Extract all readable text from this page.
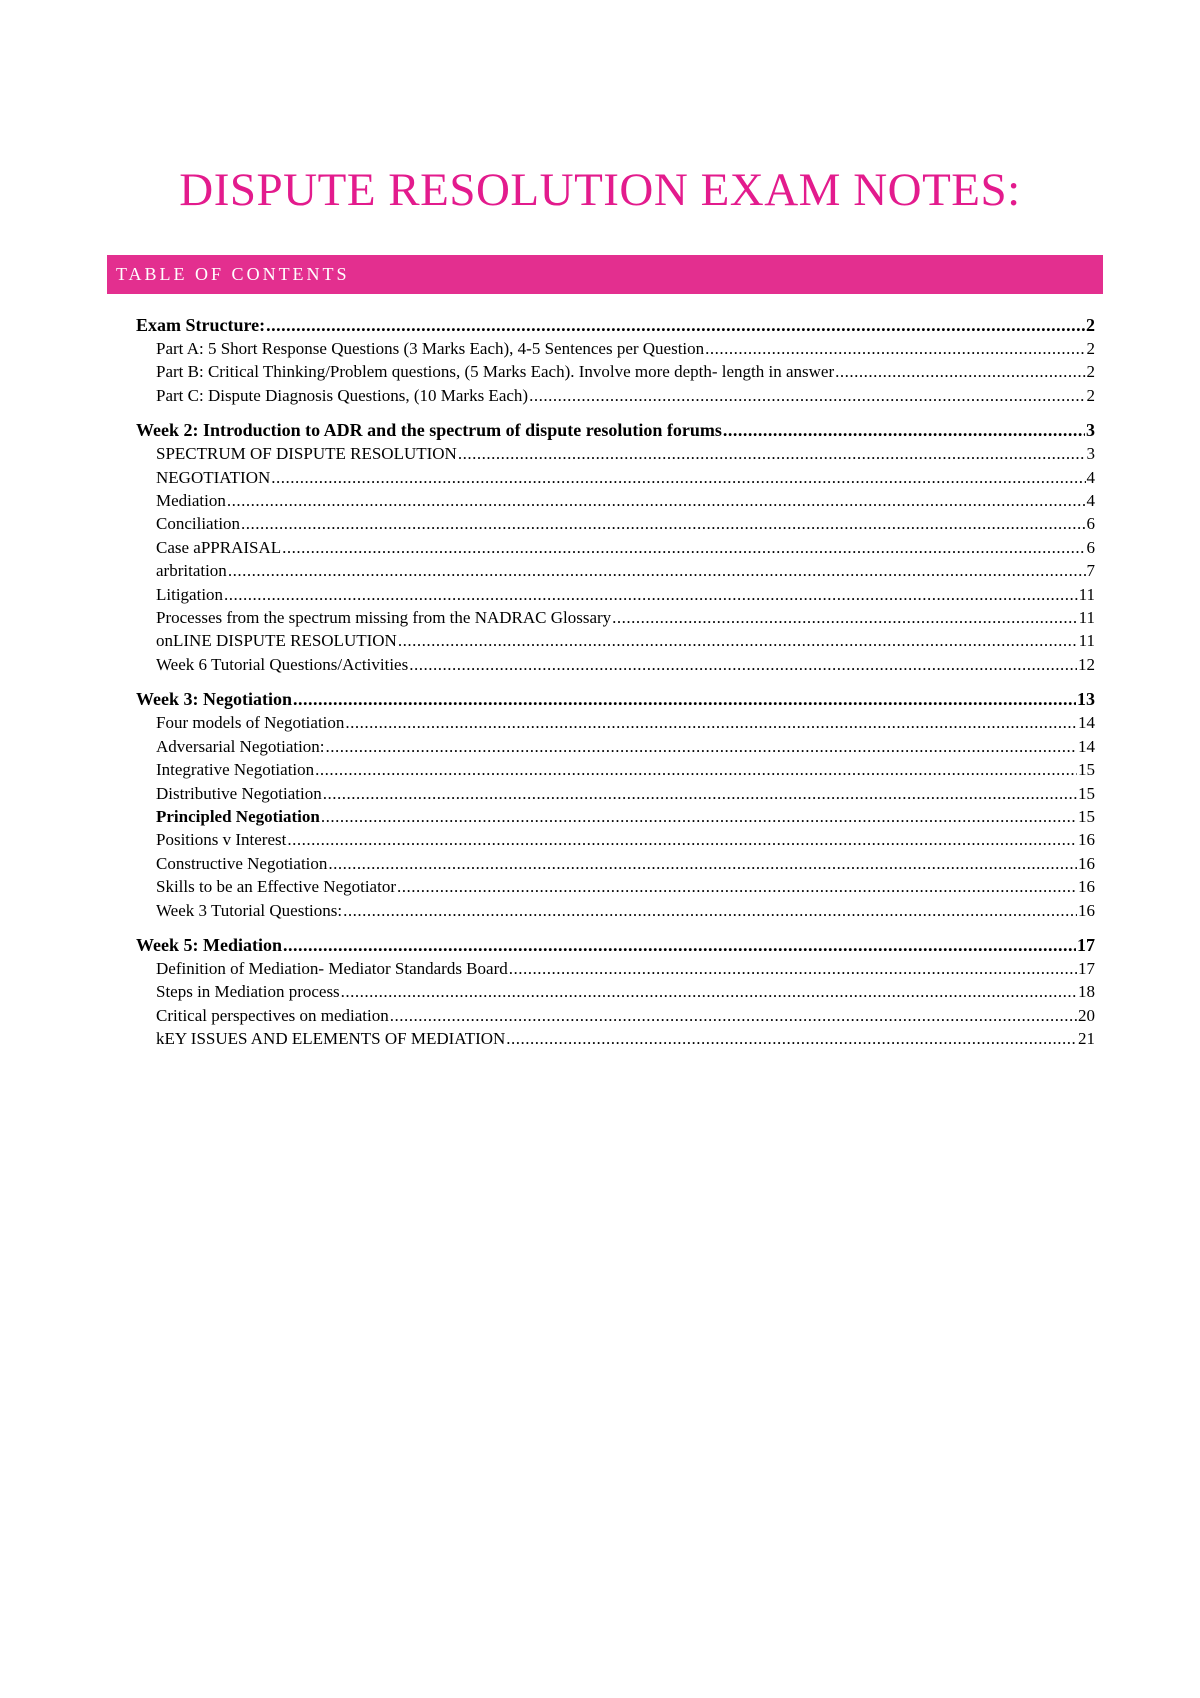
DISPUTE RESOLUTION EXAM NOTES:
TABLE OF CONTENTS
Exam Structure: .....	2
Part A: 5 Short Response Questions (3 Marks Each), 4-5 Sentences per Question .....	2
Part B: Critical Thinking/Problem questions, (5 Marks Each). Involve more depth- length in answer .....	2
Part C: Dispute Diagnosis Questions, (10 Marks Each) .....	2
Week 2: Introduction to ADR and the spectrum of dispute resolution forums .....	3
SPECTRUM OF DISPUTE RESOLUTION .....	3
NEGOTIATION .....	4
Mediation .....	4
Conciliation .....	6
Case aPPRAISAL .....	6
arbritation .....	7
Litigation .....	11
Processes from the spectrum missing from the NADRAC Glossary .....	11
onLINE DISPUTE RESOLUTION .....	11
Week 6 Tutorial Questions/Activities .....	12
Week 3: Negotiation .....	13
Four models of Negotiation .....	14
Adversarial Negotiation: .....	14
Integrative Negotiation .....	15
Distributive Negotiation .....	15
Principled Negotiation .....	15
Positions v Interest .....	16
Constructive Negotiation .....	16
Skills to be an Effective Negotiator .....	16
Week 3 Tutorial Questions: .....	16
Week 5: Mediation .....	17
Definition of Mediation- Mediator Standards Board .....	17
Steps in Mediation process .....	18
Critical perspectives on mediation .....	20
kEY ISSUES AND ELEMENTS OF MEDIATION .....	21
